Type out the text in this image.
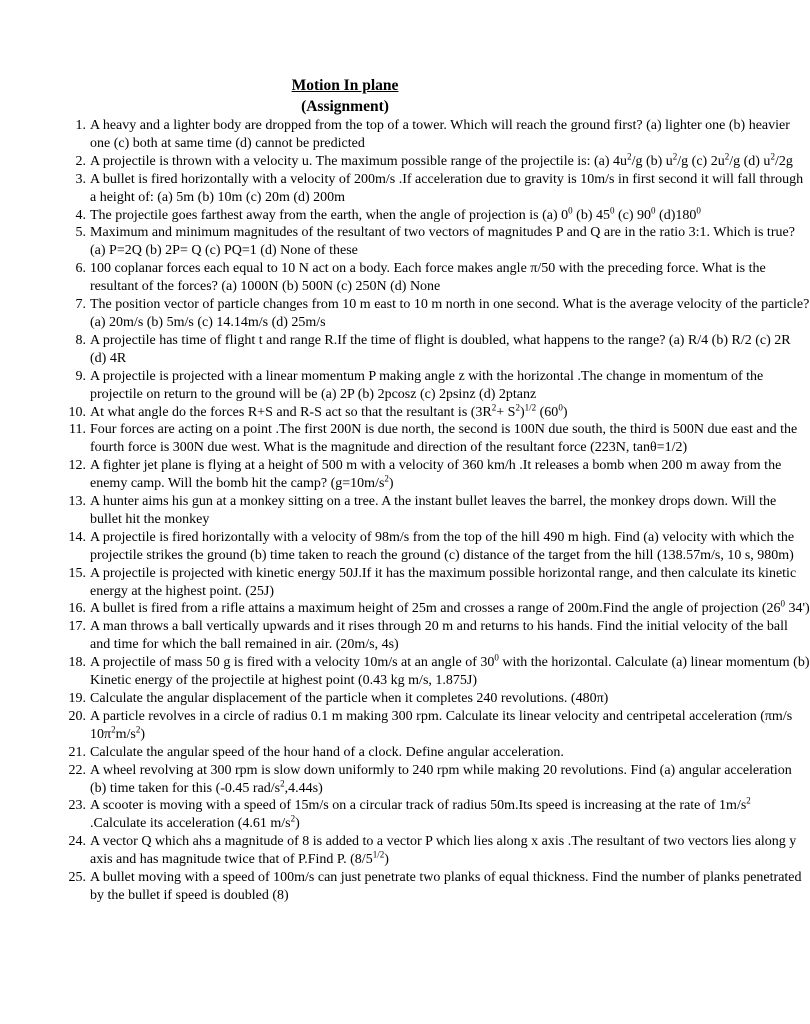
Motion In plane
(Assignment)
1. A heavy and a lighter body are dropped from the top of a tower. Which will reach the ground first? (a) lighter one (b) heavier one (c) both at same time (d) cannot be predicted
2. A projectile is thrown with a velocity u. The maximum possible range of the projectile is: (a) $4u^2/g$ (b) $u^2/g$ (c) $2u^2/g$ (d) $u^2/2g$
3. A bullet is fired horizontally with a velocity of 200m/s .If acceleration due to gravity is 10m/s in first second it will fall through a height of: (a) 5m (b) 10m (c) 20m (d) 200m
4. The projectile goes farthest away from the earth, when the angle of projection is (a) $0^0$ (b) $45^0$ (c) $90^0$ $(d)180^0$
5. Maximum and minimum magnitudes of the resultant of two vectors of magnitudes P and Q are in the ratio 3:1. Which is true? (a) P=2Q (b) 2P= Q (c) PQ=1 (d) None of these
6. 100 coplanar forces each equal to 10 N act on a body. Each force makes angle π/50 with the preceding force. What is the resultant of the forces? (a) 1000N (b) 500N (c) 250N (d) None
7. The position vector of particle changes from 10 m east to 10 m north in one second. What is the average velocity of the particle? (a) 20m/s (b) 5m/s (c) 14.14m/s (d) 25m/s
8. A projectile has time of flight t and range R.If the time of flight is doubled, what happens to the range? (a) R/4 (b) R/2 (c) 2R (d) 4R
9. A projectile is projected with a linear momentum P making angle z with the horizontal .The change in momentum of the projectile on return to the ground will be (a) 2P (b) 2pcosz (c) 2psinz (d) 2ptanz
10. At what angle do the forces R+S and R-S act so that the resultant is $(3R^2+ S^2)^{1/2}$ $(60^0)$
11. Four forces are acting on a point .The first 200N is due north, the second is 100N due south, the third is 500N due east and the fourth force is 300N due west. What is the magnitude and direction of the resultant force (223N, tanθ=1/2)
12. A fighter jet plane is flying at a height of 500 m with a velocity of 360 km/h .It releases a bomb when 200 m away from the enemy camp. Will the bomb hit the camp? $(g=10m/s^2)$
13. A hunter aims his gun at a monkey sitting on a tree. A the instant bullet leaves the barrel, the monkey drops down. Will the bullet hit the monkey
14. A projectile is fired horizontally with a velocity of 98m/s from the top of the hill 490 m high. Find (a) velocity with which the projectile strikes the ground (b) time taken to reach the ground (c) distance of the target from the hill (138.57m/s, 10 s, 980m)
15. A projectile is projected with kinetic energy 50J.If it has the maximum possible horizontal range, and then calculate its kinetic energy at the highest point. (25J)
16. A bullet is fired from a rifle attains a maximum height of 25m and crosses a range of 200m.Find the angle of projection ($26^0$ 34')
17. A man throws a ball vertically upwards and it rises through 20 m and returns to his hands. Find the initial velocity of the ball and time for which the ball remained in air. (20m/s, 4s)
18. A projectile of mass 50 g is fired with a velocity 10m/s at an angle of $30^0$ with the horizontal. Calculate (a) linear momentum (b) Kinetic energy of the projectile at highest point (0.43 kg m/s, 1.875J)
19. Calculate the angular displacement of the particle when it completes 240 revolutions. (480π)
20. A particle revolves in a circle of radius 0.1 m making 300 rpm. Calculate its linear velocity and centripetal acceleration (πm/s $10\pi^2m/s^2$)
21. Calculate the angular speed of the hour hand of a clock. Define angular acceleration.
22. A wheel revolving at 300 rpm is slow down uniformly to 240 rpm while making 20 revolutions. Find (a) angular acceleration (b) time taken for this (-0.45 rad/$s^2,4.44s$)
23. A scooter is moving with a speed of 15m/s on a circular track of radius 50m.Its speed is increasing at the rate of $1m/s^2$ .Calculate its acceleration (4.61 $m/s^2$)
24. A vector Q which ahs a magnitude of 8 is added to a vector P which lies along x axis .The resultant of two vectors lies along y axis and has magnitude twice that of P.Find P. $(8/5^{1/2})$
25. A bullet moving with a speed of 100m/s can just penetrate two planks of equal thickness. Find the number of planks penetrated by the bullet if speed is doubled (8)
